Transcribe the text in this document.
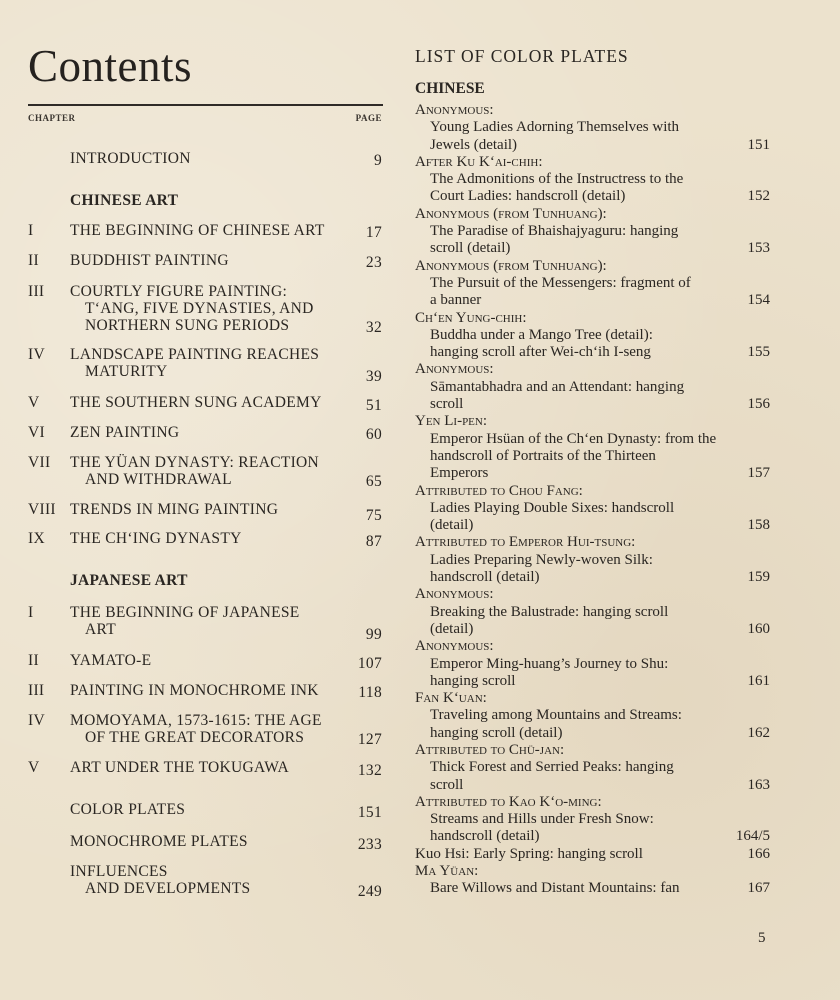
Contents
CHAPTER	PAGE
INTRODUCTION	9
CHINESE ART
I THE BEGINNING OF CHINESE ART	17
II BUDDHIST PAINTING	23
III COURTLY FIGURE PAINTING:
T‘ANG, FIVE DYNASTIES, AND NORTHERN SUNG PERIODS	32
IV LANDSCAPE PAINTING REACHES
MATURITY	39
V THE SOUTHERN SUNG ACADEMY	51
VI ZEN PAINTING	60
VII THE YÜAN DYNASTY: REACTION
AND WITHDRAWAL	65
VIII TRENDS IN MING PAINTING	75
IX THE CH‘ING DYNASTY	87
JAPANESE ART
I THE BEGINNING OF JAPANESE
ART	99
II YAMATO-E	107
III PAINTING IN MONOCHROME INK	118
IV MOMOYAMA, 1573-1615: THE AGE
OF THE GREAT DECORATORS	127
V ART UNDER THE TOKUGAWA	132
COLOR PLATES	151
MONOCHROME PLATES	233
INFLUENCES
AND DEVELOPMENTS	249
LIST OF COLOR PLATES
CHINESE
Anonymous:
Young Ladies Adorning Themselves with
Jewels (detail)	151
After Ku K‘ai-chih:
The Admonitions of the Instructress to the
Court Ladies: handscroll (detail)	152
Anonymous (from Tunhuang):
The Paradise of Bhaishajyaguru: hanging
scroll (detail)	153
Anonymous (from Tunhuang):
The Pursuit of the Messengers: fragment of
a banner	154
Ch‘en Yung-chih:
Buddha under a Mango Tree (detail):
hanging scroll after Wei-ch‘ih I-seng	155
Anonymous:
Sāmantabhadra and an Attendant: hanging
scroll	156
Yen Li-pen:
Emperor Hsüan of the Ch‘en Dynasty: from the handscroll of Portraits of the Thirteen
Emperors	157
Attributed to Chou Fang:
Ladies Playing Double Sixes: handscroll
(detail)	158
Attributed to Emperor Hui-tsung:
Ladies Preparing Newly-woven Silk:
handscroll (detail)	159
Anonymous:
Breaking the Balustrade: hanging scroll
(detail)	160
Anonymous:
Emperor Ming-huang’s Journey to Shu:
hanging scroll	161
Fan K‘uan:
Traveling among Mountains and Streams:
hanging scroll (detail)	162
Attributed to Chü-jan:
Thick Forest and Serried Peaks: hanging
scroll	163
Attributed to Kao K‘o-ming:
Streams and Hills under Fresh Snow:
handscroll (detail)	164/5
Kuo Hsi: Early Spring: hanging scroll	166
Ma Yüan:
Bare Willows and Distant Mountains: fan	167
5
